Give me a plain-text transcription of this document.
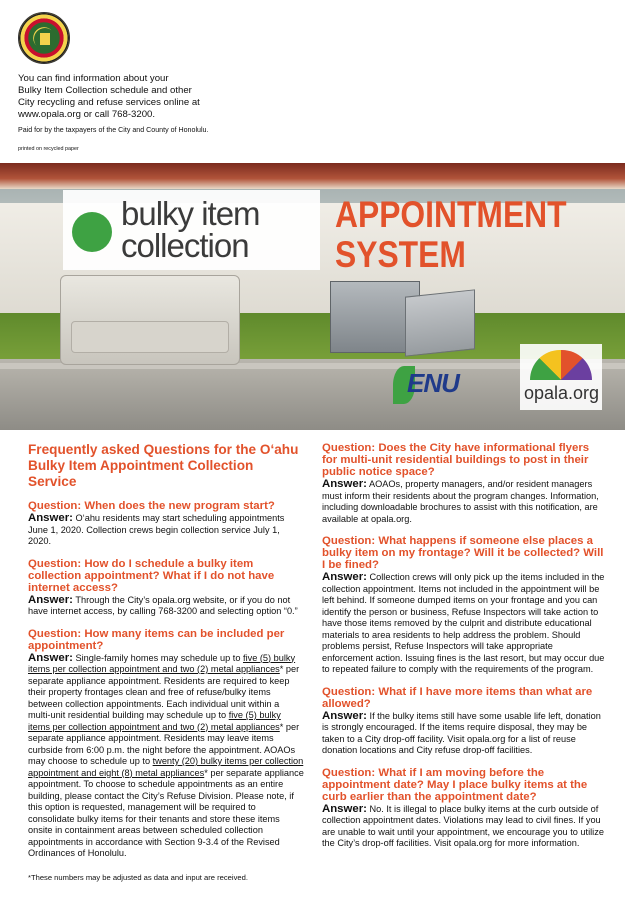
You can find information about your
Bulky Item Collection schedule and other
City recycling and refuse services online at
www.opala.org or call 768-3200.
Paid for by the taxpayers of the City and County of Honolulu.
printed on recycled paper
bulky item
collection
APPOINTMENT
SYSTEM
ENU	opala.org
Frequently asked Questions for the O‘ahu Bulky Item Appointment Collection Service
Question: When does the new program start?
Answer: O‘ahu residents may start scheduling appointments June 1, 2020. Collection crews begin collection service July 1, 2020.
Question: How do I schedule a bulky item collection appointment? What if I do not have internet access?
Answer: Through the City’s opala.org website, or if you do not have internet access, by calling 768-3200 and selecting option “0.”
Question: How many items can be included per appointment?
Answer: Single-family homes may schedule up to five (5) bulky items per collection appointment and two (2) metal appliances* per separate appliance appointment. Residents are required to keep their property frontages clean and free of refuse/bulky items between collection appointments. Each individual unit within a multi-unit residential building may schedule up to five (5) bulky items per collection appointment and two (2) metal appliances* per separate appliance appointment. Residents may leave items curbside from 6:00 p.m. the night before the appointment. AOAOs may choose to schedule up to twenty (20) bulky items per collection appointment and eight (8) metal appliances* per separate appliance appointment. To choose to schedule appointments as an entire building, please contact the City’s Refuse Division. Please note, if this option is requested, management will be required to consolidate bulky items for their tenants and store these items onsite in containment areas between scheduled collection appointments in accordance with Section 9-3.4 of the Revised Ordinances of Honolulu.
*These numbers may be adjusted as data and input are received.
Question: Does the City have informational flyers for multi-unit residential buildings to post in their public notice space?
Answer: AOAOs, property managers, and/or resident managers must inform their residents about the program changes. Information, including downloadable brochures to assist with this notification, are available at opala.org.
Question: What happens if someone else places a bulky item on my frontage? Will it be collected? Will I be fined?
Answer: Collection crews will only pick up the items included in the collection appointment. Items not included in the appointment will be left behind. If someone dumped items on your frontage and you can identify the person or business, Refuse Inspectors will take action to have those items removed by the culprit and distribute educational materials to area residents to help address the problem. Should problems persist, Refuse Inspectors will take appropriate enforcement action. Issuing fines is the last resort, but may occur due to repeated failure to comply with the requirements of the program.
Question: What if I have more items than what are allowed?
Answer: If the bulky items still have some usable life left, donation is strongly encouraged. If the items require disposal, they may be taken to a City drop-off facility. Visit opala.org for a list of reuse donation locations and City refuse drop-off facilities.
Question: What if I am moving before the appointment date? May I place bulky items at the curb earlier than the appointment date?
Answer: No. It is illegal to place bulky items at the curb outside of collection appointment dates. Violations may lead to civil fines. If you are unable to wait until your appointment, we encourage you to utilize the City’s drop-off facilities. Visit opala.org for more information.
